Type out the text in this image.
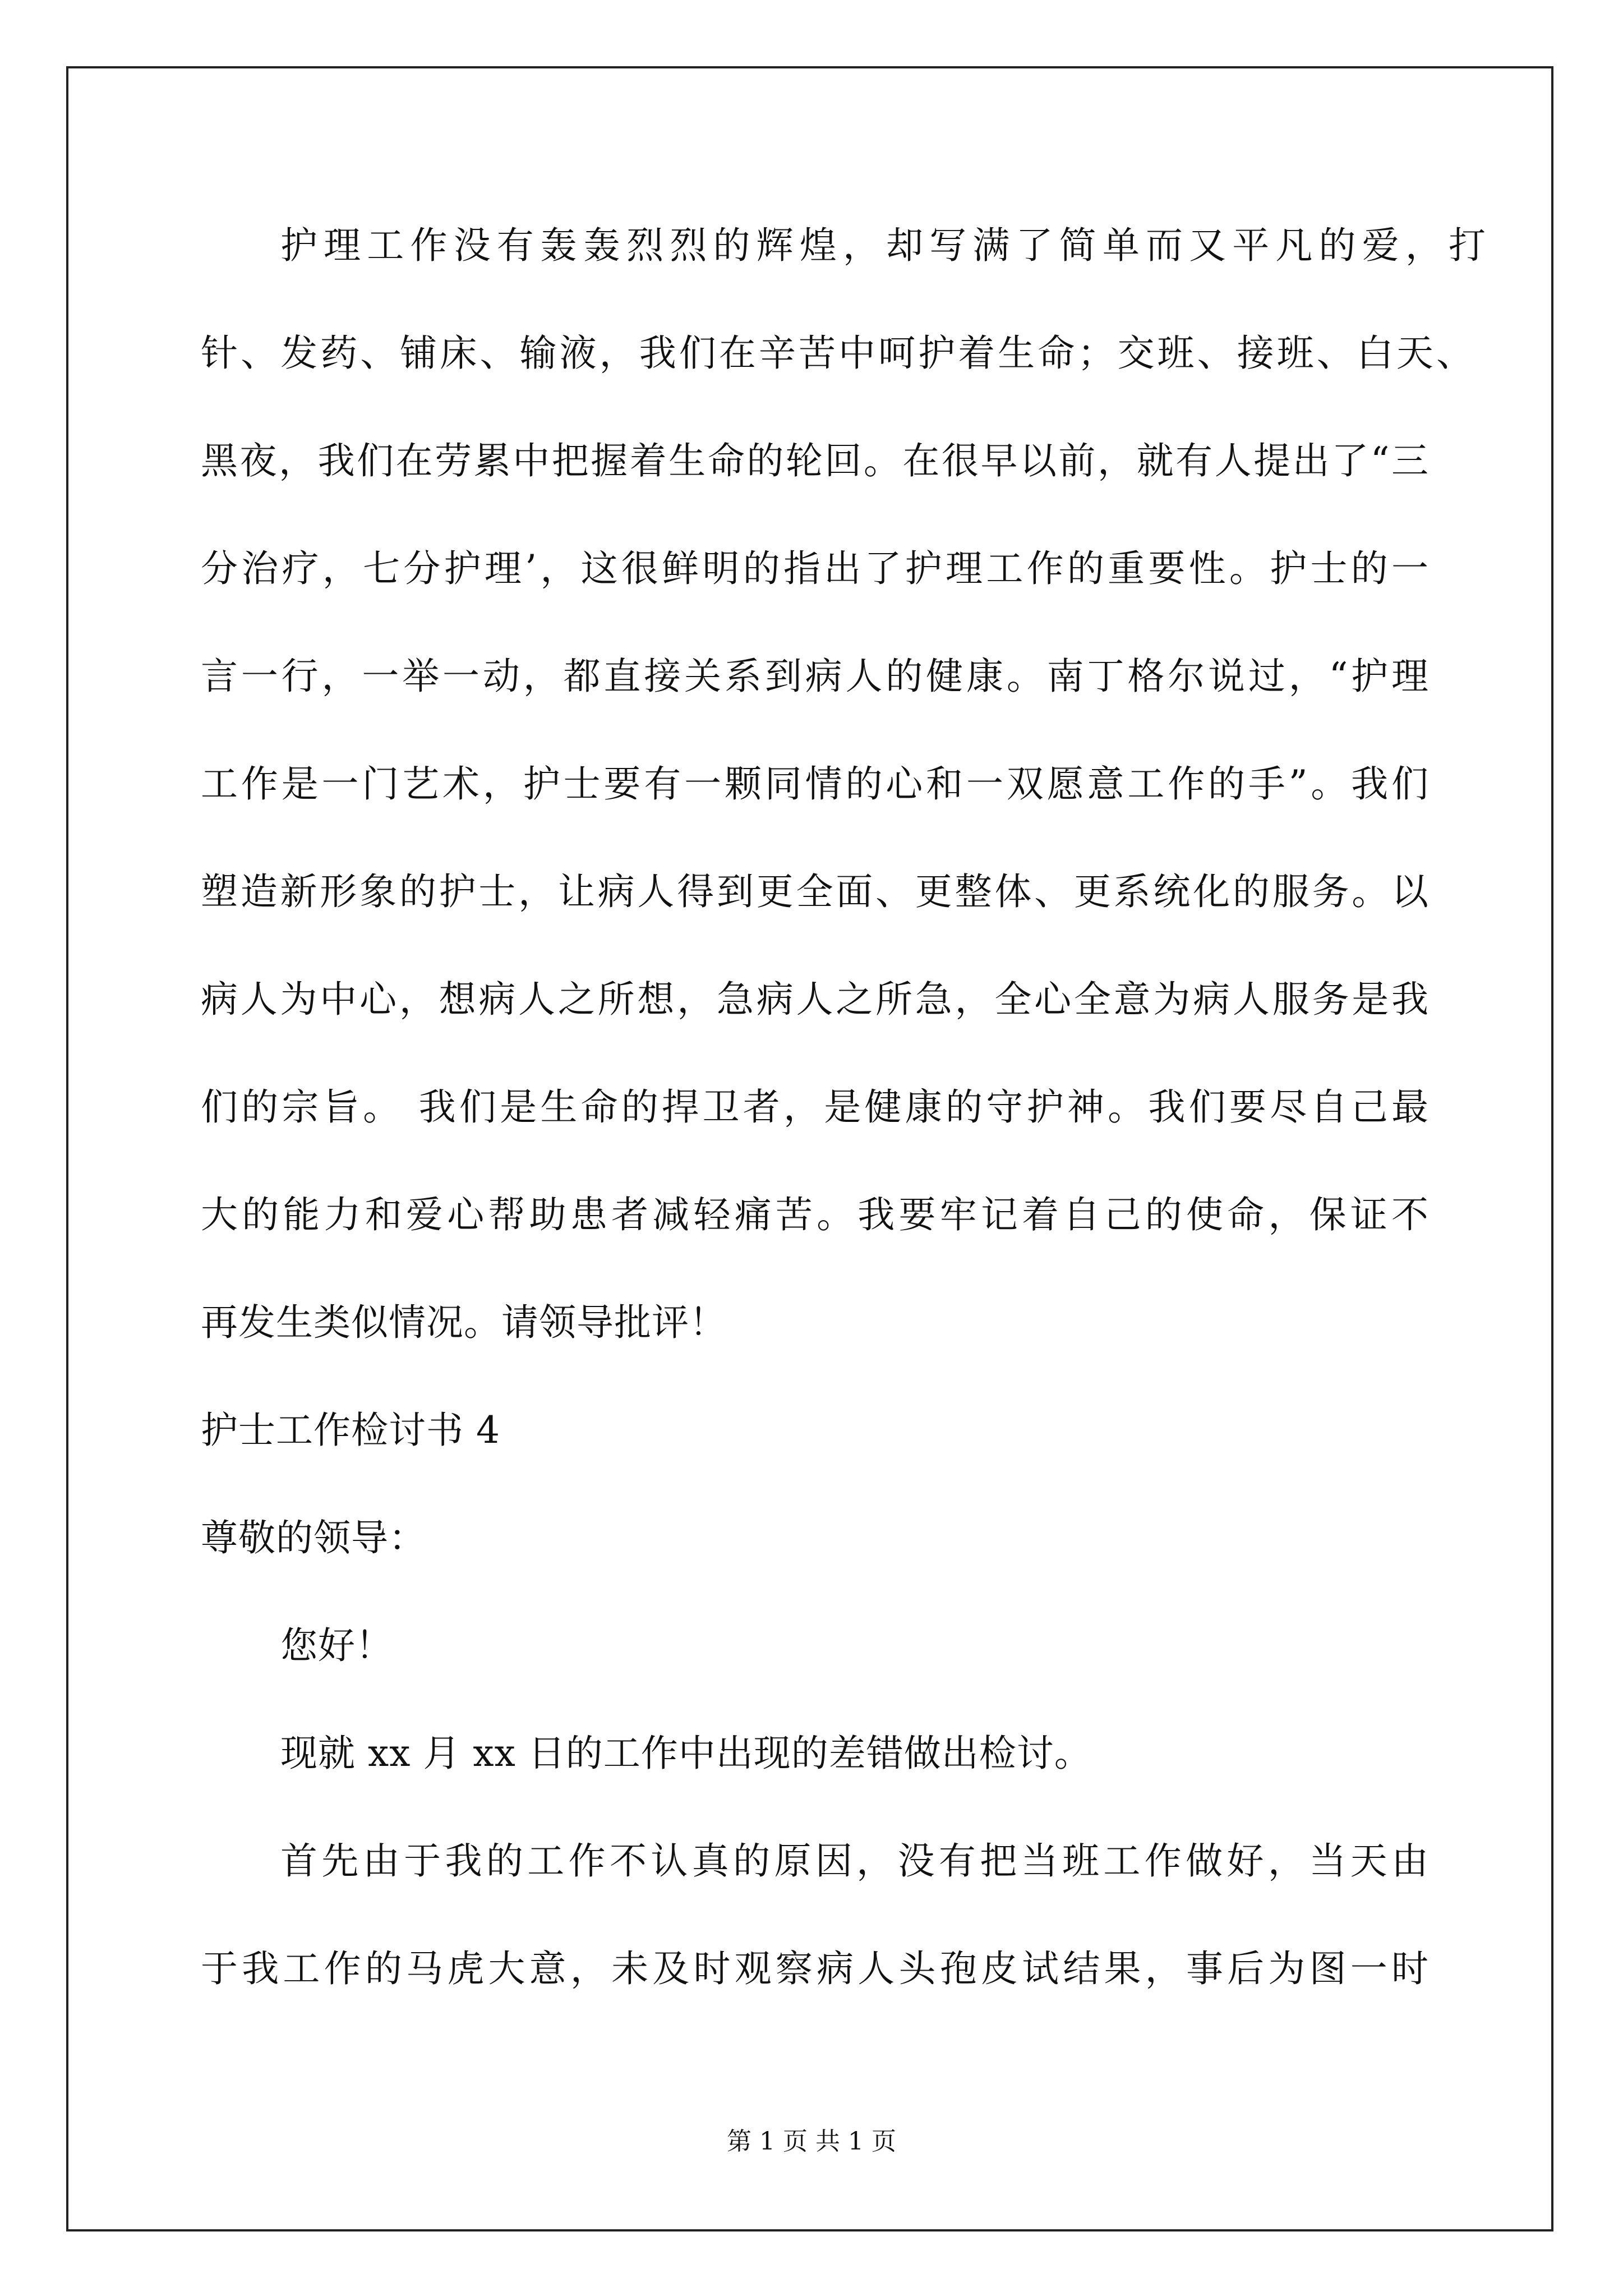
护理工作没有轰轰烈烈的辉煌，却写满了简单而又平凡的爱，打
针、发药、铺床、输液，我们在辛苦中呵护着生命；交班、接班、白天、
黑夜，我们在劳累中把握着生命的轮回。在很早以前，就有人提出了“三
分治疗，七分护理’，这很鲜明的指出了护理工作的重要性。护士的一
言一行，一举一动，都直接关系到病人的健康。南丁格尔说过，“护理
工作是一门艺术，护士要有一颗同情的心和一双愿意工作的手”。我们
塑造新形象的护士，让病人得到更全面、更整体、更系统化的服务。以
病人为中心，想病人之所想，急病人之所急，全心全意为病人服务是我
们的宗旨。 我们是生命的捍卫者，是健康的守护神。我们要尽自己最
大的能力和爱心帮助患者减轻痛苦。我要牢记着自己的使命，保证不
再发生类似情况。请领导批评！
护士工作检讨书 4
尊敬的领导：
您好！
现就 xx 月 xx 日的工作中出现的差错做出检讨。
首先由于我的工作不认真的原因，没有把当班工作做好，当天由
于我工作的马虎大意，未及时观察病人头孢皮试结果，事后为图一时
第 1 页 共 1 页
